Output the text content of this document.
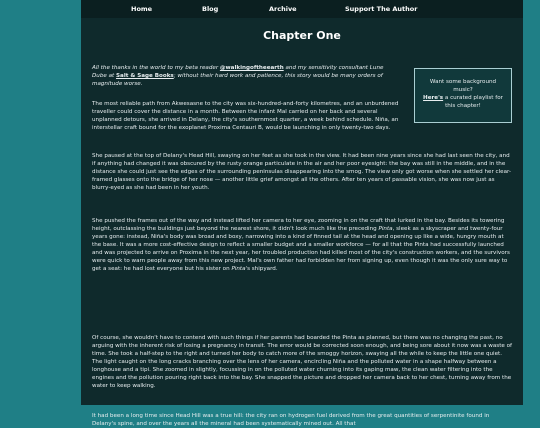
Home	Blog	Archive	Support The Author
Chapter One
Want some background music?
Here's a curated playlist for this chapter!

All the thanks in the world to my beta reader @walkingoftheearth and my sensitivity consultant Lune Dube at Salt & Sage Books; without their hard work and patience, this story would be many orders of magnitude worse.

The most reliable path from Akwesasne to the city was six-hundred-and-forty kilometres, and an unburdened traveller could cover the distance in a month. Between the infant Mal carried on her back and several unplanned detours, she arrived in Delany, the city's southernmost quarter, a week behind schedule. Niña, an interstellar craft bound for the exoplanet Proxima Centauri B, would be launching in only twenty-two days.

She paused at the top of Delany's Head Hill, swaying on her feet as she took in the view. It had been nine years since she had last seen the city, and if anything had changed it was obscured by the rusty orange particulate in the air and her poor eyesight: the bay was still in the middle, and in the distance she could just see the edges of the surrounding peninsulas disappearing into the smog. The view only got worse when she settled her clear-framed glasses onto the bridge of her nose — another little grief amongst all the others. After ten years of passable vision, she was now just as blurry-eyed as she had been in her youth.

She pushed the frames out of the way and instead lifted her camera to her eye, zooming in on the craft that lurked in the bay. Besides its towering height, outclassing the buildings just beyond the nearest shore, it didn't look much like the preceding Pinta, sleek as a skyscraper and twenty-four years gone: instead, Niña's body was broad and boxy, narrowing into a kind of finned tail at the head and opening up like a wide, hungry mouth at the base. It was a more cost-effective design to reflect a smaller budget and a smaller workforce — for all that the Pinta had successfully launched and was projected to arrive on Proxima in the next year, her troubled production had killed most of the city's construction workers, and the survivors were quick to warn people away from this new project. Mal's own father had forbidden her from signing up, even though it was the only sure way to get a seat: he had lost everyone but his sister on Pinta's shipyard.

Of course, she wouldn't have to contend with such things if her parents had boarded the Pinta as planned, but there was no changing the past, no arguing with the inherent risk of losing a pregnancy in transit. The error would be corrected soon enough, and being sore about it now was a waste of time. She took a half-step to the right and turned her body to catch more of the smoggy horizon, swaying all the while to keep the little one quiet. The light caught on the long cracks branching over the lens of her camera, encircling Niña and the polluted water in a shape halfway between a longhouse and a tipi. She zoomed in slightly, focussing in on the polluted water churning into its gaping maw, the clean water filtering into the engines and the pollution pouring right back into the bay. She snapped the picture and dropped her camera back to her chest, turning away from the water to keep walking.

It had been a long time since Head Hill was a true hill: the city ran on hydrogen fuel derived from the great quantities of serpentinite found in Delany's spine, and over the years all the mineral had been systematically mined out. All that
